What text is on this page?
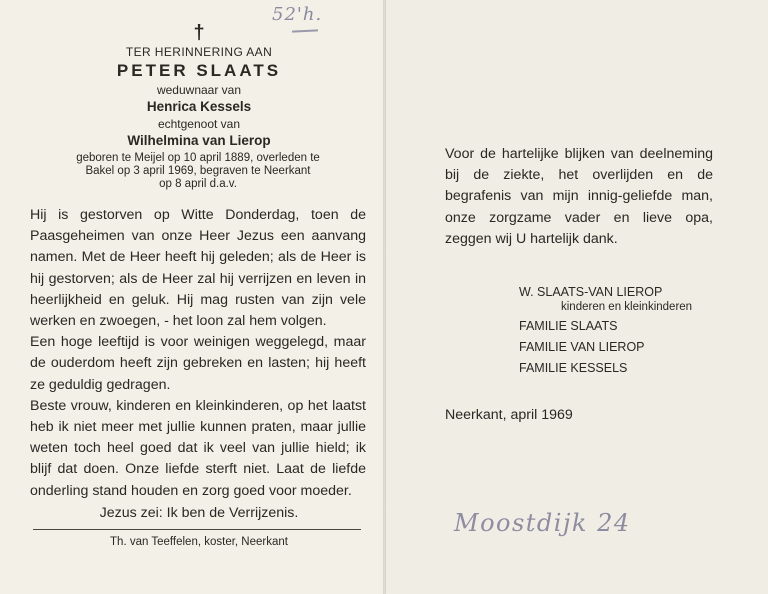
52'h.
†
TER HERINNERING AAN
PETER SLAATS
weduwnaar van
Henrica Kessels
echtgenoot van
Wilhelmina van Lierop
geboren te Meijel op 10 april 1889, overleden te
Bakel op 3 april 1969, begraven te Neerkant
op 8 april d.a.v.

Hij is gestorven op Witte Donderdag, toen de Paasgeheimen van onze Heer Jezus een aanvang namen. Met de Heer heeft hij geleden; als de Heer is hij gestorven; als de Heer zal hij verrijzen en leven in heerlijkheid en geluk. Hij mag rusten van zijn vele werken en zwoegen, - het loon zal hem volgen.

Een hoge leeftijd is voor weinigen weggelegd, maar de ouderdom heeft zijn gebreken en lasten; hij heeft ze geduldig gedragen.

Beste vrouw, kinderen en kleinkinderen, op het laatst heb ik niet meer met jullie kunnen praten, maar jullie weten toch heel goed dat ik veel van jullie hield; ik blijf dat doen. Onze liefde sterft niet. Laat de liefde onderling stand houden en zorg goed voor moeder.

Jezus zei: Ik ben de Verrijzenis.
Th. van Teeffelen, koster, Neerkant
Voor de hartelijke blijken van deelneming bij de ziekte, het overlijden en de begrafenis van mijn innig-geliefde man, onze zorgzame vader en lieve opa, zeggen wij U hartelijk dank.
W. SLAATS-VAN LIEROP
kinderen en kleinkinderen
FAMILIE SLAATS
FAMILIE VAN LIEROP
FAMILIE KESSELS
Neerkant, april 1969
Moostdijk 24
